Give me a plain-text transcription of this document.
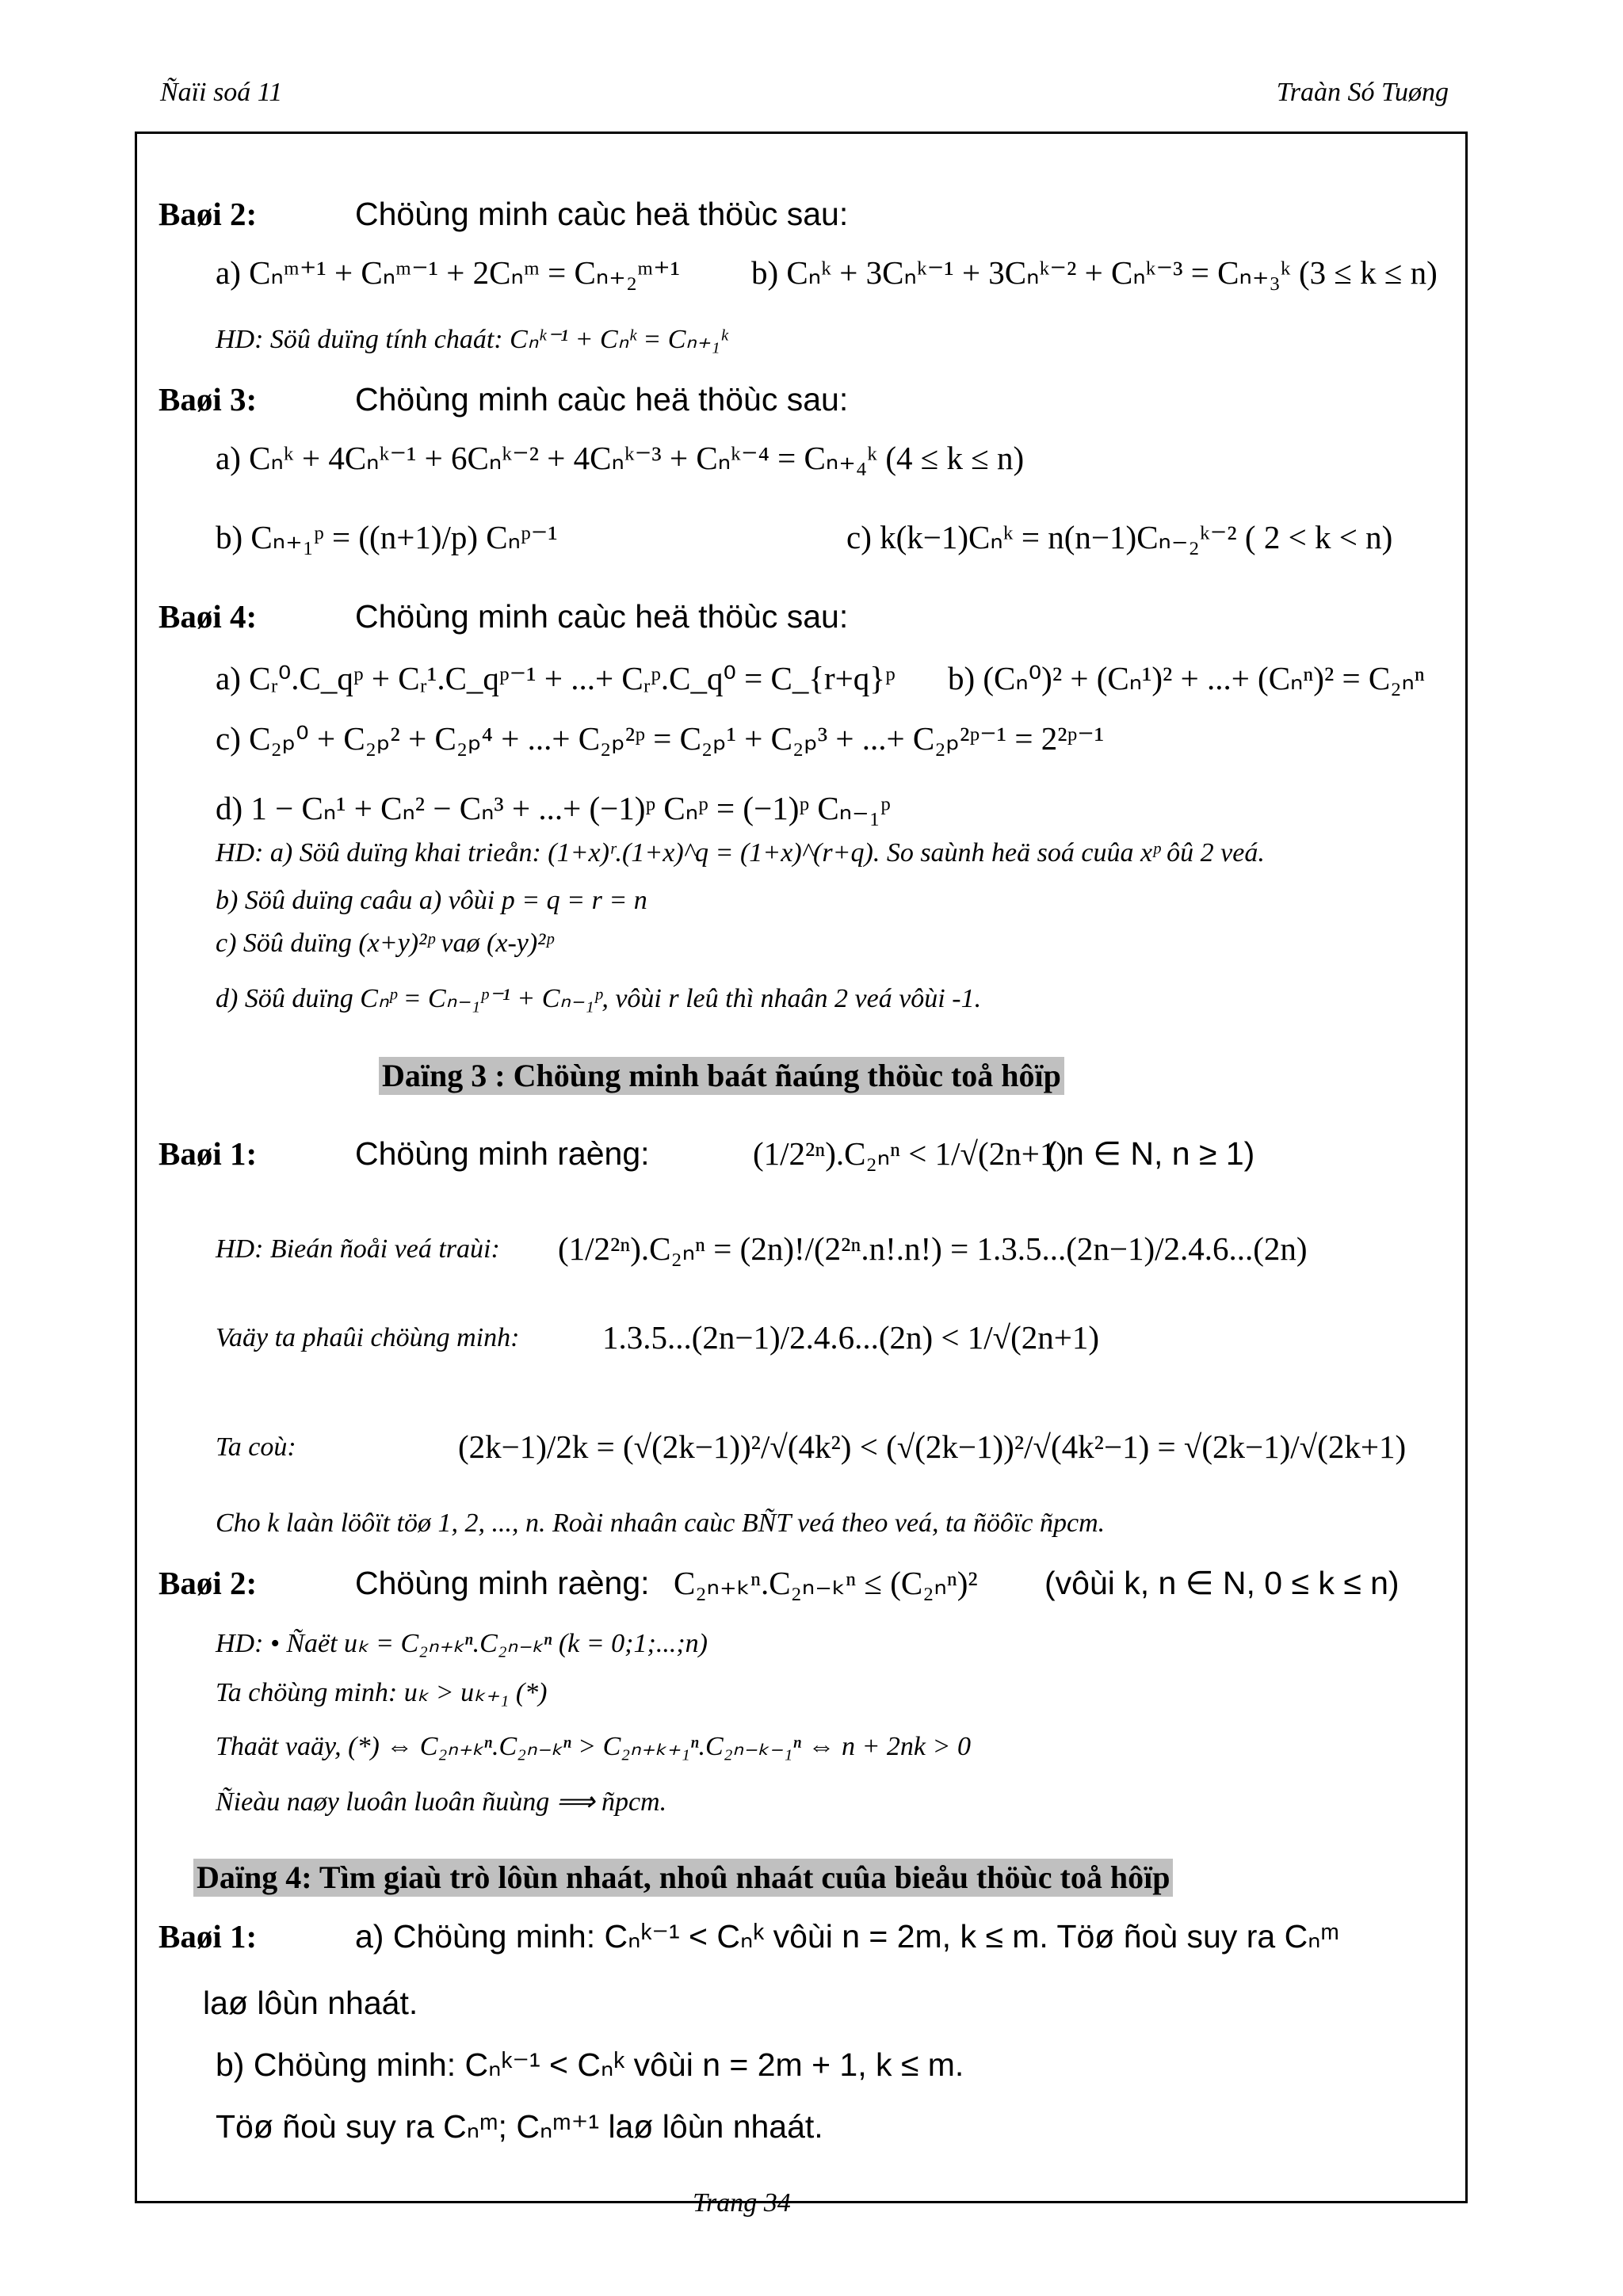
Ñaïi soá 11	Traàn Só Tuøng
Baøi 2:	Chöùng minh caùc heä thöùc sau:
a) Cₙᵐ⁺¹ + Cₙᵐ⁻¹ + 2Cₙᵐ = Cₙ₊₂ᵐ⁺¹ b) Cₙᵏ + 3Cₙᵏ⁻¹ + 3Cₙᵏ⁻² + Cₙᵏ⁻³ = Cₙ₊₃ᵏ (3 ≤ k ≤ n)
HD: Söû duïng tính chaát: Cₙᵏ⁻¹ + Cₙᵏ = Cₙ₊₁ᵏ
Baøi 3:	Chöùng minh caùc heä thöùc sau:
a) Cₙᵏ + 4Cₙᵏ⁻¹ + 6Cₙᵏ⁻² + 4Cₙᵏ⁻³ + Cₙᵏ⁻⁴ = Cₙ₊₄ᵏ (4 ≤ k ≤ n)
b) Cₙ₊₁ᵖ = ((n+1)/p) Cₙᵖ⁻¹	c) k(k−1)Cₙᵏ = n(n−1)Cₙ₋₂ᵏ⁻² ( 2 < k < n)
Baøi 4:	Chöùng minh caùc heä thöùc sau:
a) Cᵣ⁰.C_qᵖ + Cᵣ¹.C_qᵖ⁻¹ + ...+ Cᵣᵖ.C_q⁰ = C_{r+q}ᵖ b) (Cₙ⁰)² + (Cₙ¹)² + ...+ (Cₙⁿ)² = C₂ₙⁿ
c) C₂ₚ⁰ + C₂ₚ² + C₂ₚ⁴ + ...+ C₂ₚ²ᵖ = C₂ₚ¹ + C₂ₚ³ + ...+ C₂ₚ²ᵖ⁻¹ = 2²ᵖ⁻¹
d) 1 − Cₙ¹ + Cₙ² − Cₙ³ + ...+ (−1)ᵖ Cₙᵖ = (−1)ᵖ Cₙ₋₁ᵖ
HD: a) Söû duïng khai trieån: (1+x)ʳ.(1+x)^q = (1+x)^(r+q). So saùnh heä soá cuûa xᵖ ôû 2 veá.
b) Söû duïng caâu a) vôùi p = q = r = n
c) Söû duïng (x+y)²ᵖ vaø (x-y)²ᵖ
d) Söû duïng Cₙᵖ = Cₙ₋₁ᵖ⁻¹ + Cₙ₋₁ᵖ, vôùi r leû thì nhaân 2 veá vôùi -1.
Daïng 3 : Chöùng minh baát ñaúng thöùc toå hôïp
Baøi 1:	Chöùng minh raèng:	(1/2²ⁿ).C₂ₙⁿ < 1/√(2n+1)
( n ∈ N, n ≥ 1)
HD: Bieán ñoåi veá traùi: (1/2²ⁿ).C₂ₙⁿ = (2n)!/(2²ⁿ.n!.n!) = 1.3.5...(2n−1)/2.4.6...(2n)
Vaäy ta phaûi chöùng minh:	1.3.5...(2n−1)/2.4.6...(2n) < 1/√(2n+1)
Ta coù:	(2k−1)/2k = (√(2k−1))²/√(4k²) < (√(2k−1))²/√(4k²−1) = √(2k−1)/√(2k+1)
Cho k laàn löôït töø 1, 2, ..., n. Roài nhaân caùc BÑT veá theo veá, ta ñöôïc ñpcm.
Baøi 2:	Chöùng minh raèng: C₂ₙ₊ₖⁿ.C₂ₙ₋ₖⁿ ≤ (C₂ₙⁿ)² (vôùi k, n ∈ N, 0 ≤ k ≤ n)
HD: • Ñaët uₖ = C₂ₙ₊ₖⁿ.C₂ₙ₋ₖⁿ (k = 0;1;...;n)
Ta chöùng minh: uₖ > uₖ₊₁ (*)
Thaät vaäy, (*) ⇔ C₂ₙ₊ₖⁿ.C₂ₙ₋ₖⁿ > C₂ₙ₊ₖ₊₁ⁿ.C₂ₙ₋ₖ₋₁ⁿ ⇔ n + 2nk > 0
Ñieàu naøy luoân luoân ñuùng ⟹ ñpcm.
Daïng 4: Tìm giaù trò lôùn nhaát, nhoû nhaát cuûa bieåu thöùc toå hôïp
Baøi 1:	a) Chöùng minh: Cₙᵏ⁻¹ < Cₙᵏ vôùi n = 2m, k ≤ m. Töø ñoù suy ra Cₙᵐ
laø lôùn nhaát.
b) Chöùng minh: Cₙᵏ⁻¹ < Cₙᵏ vôùi n = 2m + 1, k ≤ m.
Töø ñoù suy ra Cₙᵐ; Cₙᵐ⁺¹ laø lôùn nhaát.
Trang 34
